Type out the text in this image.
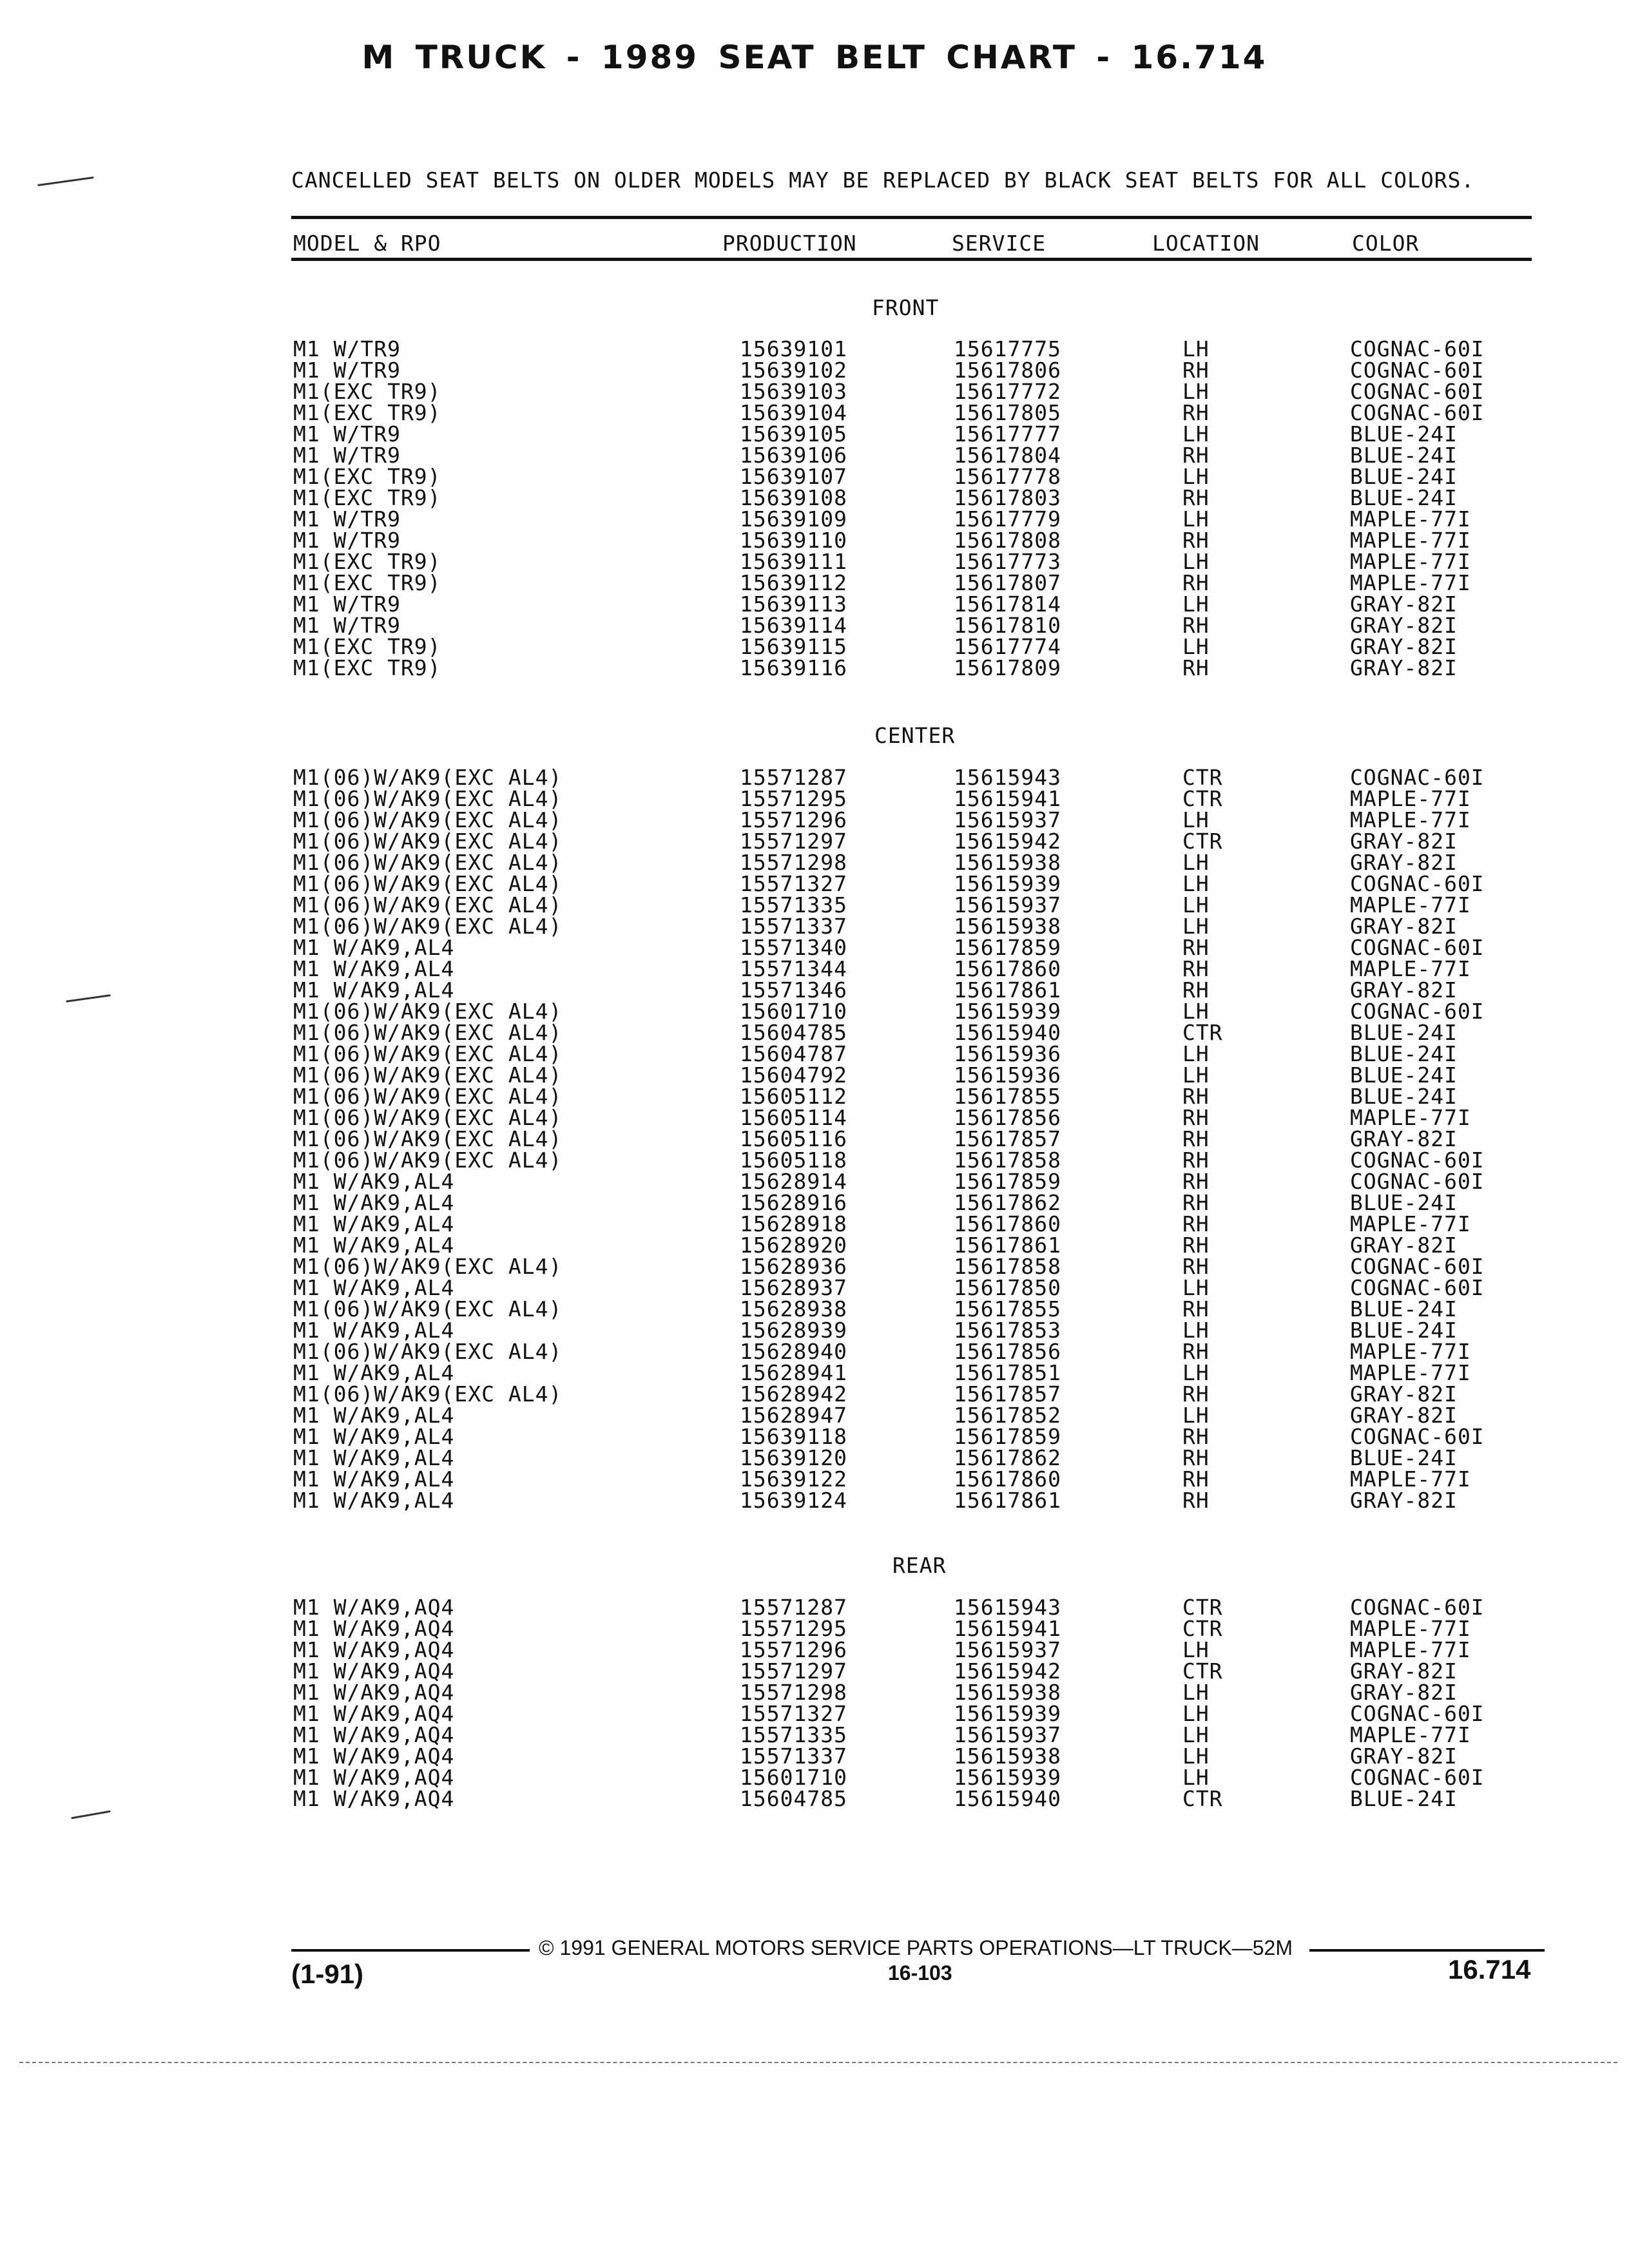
M TRUCK - 1989 SEAT BELT CHART - 16.714
CANCELLED SEAT BELTS ON OLDER MODELS MAY BE REPLACED BY BLACK SEAT BELTS FOR ALL COLORS.
MODEL & RPO	PRODUCTION	SERVICE	LOCATION	COLOR
FRONT
M1 W/TR9	15639101	15617775	LH	COGNAC-60I
M1 W/TR9	15639102	15617806	RH	COGNAC-60I
M1(EXC TR9)	15639103	15617772	LH	COGNAC-60I
M1(EXC TR9)	15639104	15617805	RH	COGNAC-60I
M1 W/TR9	15639105	15617777	LH	BLUE-24I
M1 W/TR9	15639106	15617804	RH	BLUE-24I
M1(EXC TR9)	15639107	15617778	LH	BLUE-24I
M1(EXC TR9)	15639108	15617803	RH	BLUE-24I
M1 W/TR9	15639109	15617779	LH	MAPLE-77I
M1 W/TR9	15639110	15617808	RH	MAPLE-77I
M1(EXC TR9)	15639111	15617773	LH	MAPLE-77I
M1(EXC TR9)	15639112	15617807	RH	MAPLE-77I
M1 W/TR9	15639113	15617814	LH	GRAY-82I
M1 W/TR9	15639114	15617810	RH	GRAY-82I
M1(EXC TR9)	15639115	15617774	LH	GRAY-82I
M1(EXC TR9)	15639116	15617809	RH	GRAY-82I
CENTER
M1(06)W/AK9(EXC AL4)	15571287	15615943	CTR	COGNAC-60I
M1(06)W/AK9(EXC AL4)	15571295	15615941	CTR	MAPLE-77I
M1(06)W/AK9(EXC AL4)	15571296	15615937	LH	MAPLE-77I
M1(06)W/AK9(EXC AL4)	15571297	15615942	CTR	GRAY-82I
M1(06)W/AK9(EXC AL4)	15571298	15615938	LH	GRAY-82I
M1(06)W/AK9(EXC AL4)	15571327	15615939	LH	COGNAC-60I
M1(06)W/AK9(EXC AL4)	15571335	15615937	LH	MAPLE-77I
M1(06)W/AK9(EXC AL4)	15571337	15615938	LH	GRAY-82I
M1 W/AK9,AL4	15571340	15617859	RH	COGNAC-60I
M1 W/AK9,AL4	15571344	15617860	RH	MAPLE-77I
M1 W/AK9,AL4	15571346	15617861	RH	GRAY-82I
M1(06)W/AK9(EXC AL4)	15601710	15615939	LH	COGNAC-60I
M1(06)W/AK9(EXC AL4)	15604785	15615940	CTR	BLUE-24I
M1(06)W/AK9(EXC AL4)	15604787	15615936	LH	BLUE-24I
M1(06)W/AK9(EXC AL4)	15604792	15615936	LH	BLUE-24I
M1(06)W/AK9(EXC AL4)	15605112	15617855	RH	BLUE-24I
M1(06)W/AK9(EXC AL4)	15605114	15617856	RH	MAPLE-77I
M1(06)W/AK9(EXC AL4)	15605116	15617857	RH	GRAY-82I
M1(06)W/AK9(EXC AL4)	15605118	15617858	RH	COGNAC-60I
M1 W/AK9,AL4	15628914	15617859	RH	COGNAC-60I
M1 W/AK9,AL4	15628916	15617862	RH	BLUE-24I
M1 W/AK9,AL4	15628918	15617860	RH	MAPLE-77I
M1 W/AK9,AL4	15628920	15617861	RH	GRAY-82I
M1(06)W/AK9(EXC AL4)	15628936	15617858	RH	COGNAC-60I
M1 W/AK9,AL4	15628937	15617850	LH	COGNAC-60I
M1(06)W/AK9(EXC AL4)	15628938	15617855	RH	BLUE-24I
M1 W/AK9,AL4	15628939	15617853	LH	BLUE-24I
M1(06)W/AK9(EXC AL4)	15628940	15617856	RH	MAPLE-77I
M1 W/AK9,AL4	15628941	15617851	LH	MAPLE-77I
M1(06)W/AK9(EXC AL4)	15628942	15617857	RH	GRAY-82I
M1 W/AK9,AL4	15628947	15617852	LH	GRAY-82I
M1 W/AK9,AL4	15639118	15617859	RH	COGNAC-60I
M1 W/AK9,AL4	15639120	15617862	RH	BLUE-24I
M1 W/AK9,AL4	15639122	15617860	RH	MAPLE-77I
M1 W/AK9,AL4	15639124	15617861	RH	GRAY-82I
REAR
M1 W/AK9,AQ4	15571287	15615943	CTR	COGNAC-60I
M1 W/AK9,AQ4	15571295	15615941	CTR	MAPLE-77I
M1 W/AK9,AQ4	15571296	15615937	LH	MAPLE-77I
M1 W/AK9,AQ4	15571297	15615942	CTR	GRAY-82I
M1 W/AK9,AQ4	15571298	15615938	LH	GRAY-82I
M1 W/AK9,AQ4	15571327	15615939	LH	COGNAC-60I
M1 W/AK9,AQ4	15571335	15615937	LH	MAPLE-77I
M1 W/AK9,AQ4	15571337	15615938	LH	GRAY-82I
M1 W/AK9,AQ4	15601710	15615939	LH	COGNAC-60I
M1 W/AK9,AQ4	15604785	15615940	CTR	BLUE-24I
© 1991 GENERAL MOTORS SERVICE PARTS OPERATIONS—LT TRUCK—52M
(1-91)	16-103	16.714
